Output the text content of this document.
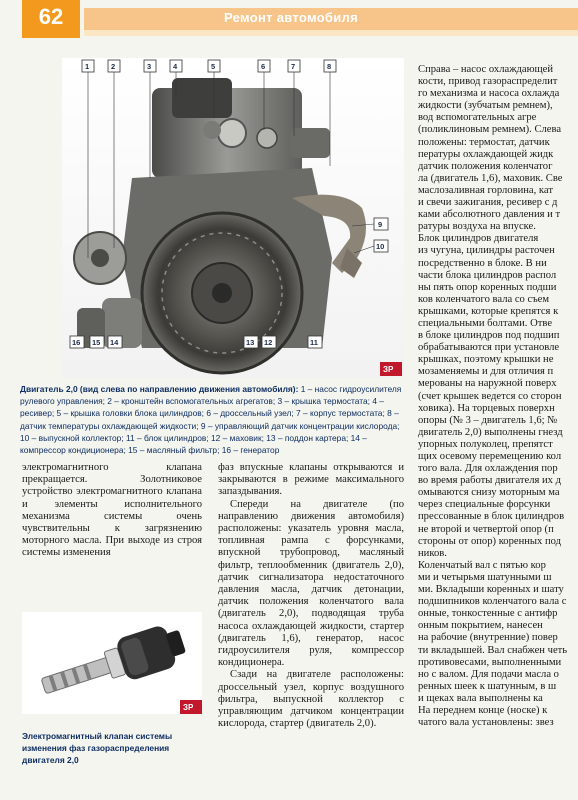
62	Ремонт автомобиля
1	2	3	4	5	6	7	8
9
10
16 15 14	13 12	11
ЗР
Двигатель 2,0 (вид слева по направлению движения автомобиля): 1 – насос гидроусилителя рулевого управления; 2 – кронштейн вспомогательных агрегатов; 3 – крышка термостата; 4 – ресивер; 5 – крышка головки блока цилиндров; 6 – дроссельный узел; 7 – корпус термостата; 8 – датчик температуры охлаждающей жидкости; 9 – управляющий датчик концентрации кислорода; 10 – выпускной коллектор; 11 – блок цилиндров; 12 – маховик; 13 – поддон картера; 14 – компрессор кондиционера; 15 – масляный фильтр; 16 – генератор

электромагнитного клапана прекращается. Золотниковое устройство электромагнитного клапана и элементы исполнительного механизма системы очень чувствительны к загрязнению моторного масла. При выходе из строя системы изменения

ЗР
Электромагнитный клапан системы изменения фаз газораспределения двигателя 2,0

фаз впускные клапаны открываются и закрываются в режиме максимального запаздывания.

Спереди на двигателе (по направлению движения автомобиля) расположены: указатель уровня масла, топливная рампа с форсунками, впускной трубопровод, масляный фильтр, теплообменник (двигатель 2,0), датчик сигнализатора недостаточного давления масла, датчик детонации, датчик положения коленчатого вала (двигатель 2,0), подводящая труба насоса охлаждающей жидкости, стартер (двигатель 1,6), генератор, насос гидроусилителя руля, компрессор кондиционера.

Сзади на двигателе расположены: дроссельный узел, корпус воздушного фильтра, выпускной коллектор с управляющим датчиком концентрации кислорода, стартер (двигатель 2,0).

Справа – насос охлаждающей
кости, привод газораспределит
го механизма и насоса охлажда
жидкости (зубчатым ремнем),
вод вспомогательных агре
(поликлиновым ремнем). Слева
положены: термостат, датчик
пературы охлаждающей жидк
датчик положения коленчатог
ла (двигатель 1,6), маховик. Све
маслозаливная горловина, кат
и свечи зажигания, ресивер с д
ками абсолютного давления и т
ратуры воздуха на впуске.
Блок цилиндров двигателя
из чугуна, цилиндры расточен
посредственно в блоке. В ни
части блока цилиндров распол
ны пять опор коренных подши
ков коленчатого вала со съем
крышками, которые крепятся к
специальными болтами. Отве
в блоке цилиндров под подшип
обрабатываются при установле
крышках, поэтому крышки не
мозаменяемы и для отличия п
мерованы на наружной поверх
(счет крышек ведется со сторон
ховика). На торцевых поверхн
опоры (№ 3 – двигатель 1,6; №
двигатель 2,0) выполнены гнезд
упорных полуколец, препятст
щих осевому перемещению кол
того вала. Для охлаждения пор
во время работы двигателя их д
омываются снизу моторным ма
через специальные форсунки
прессованные в блок цилиндров
не второй и четвертой опор (п
стороны от опор) коренных под
ников.
Коленчатый вал с пятью кор
ми и четырьмя шатунными ш
ми. Вкладыши коренных и шату
подшипников коленчатого вала с
онные, тонкостенные с антифр
онным покрытием, нанесен
на рабочие (внутренние) повер
ти вкладышей. Вал снабжен четь
противовесами, выполненными
но с валом. Для подачи масла о
ренных шеек к шатунным, в ш
и щеках вала выполнены ка
На переднем конце (носке) к
чатого вала установлены: звез
